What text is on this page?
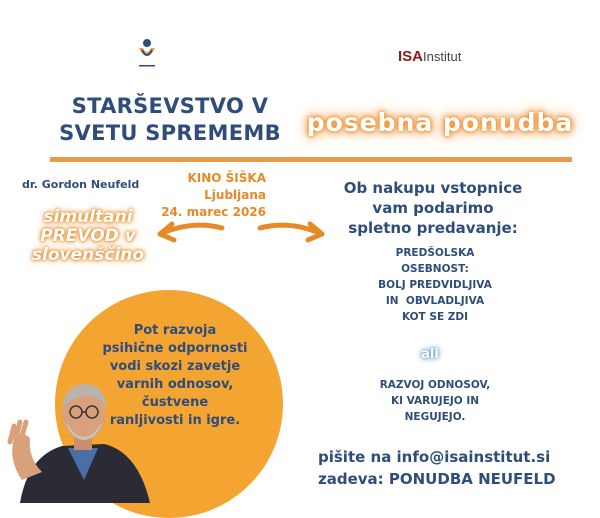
ISAInstitut
STARŠEVSTVO V
SVETU SPREMEMB	posebna ponudba
dr. Gordon Neufeld	KINO ŠIŠKA
Ljubljana
24. marec 2026
simultani
PREVOD v
slovenščino
Ob nakupu vstopnice
vam podarimo
spletno predavanje:
PREDŠOLSKA
OSEBNOST:
BOLJ PREDVIDLJIVA
IN  OBVLADLJIVA
KOT SE ZDI
ali
RAZVOJ ODNOSOV,
KI VARUJEJO IN
NEGUJEJO.
pišite na info@isainstitut.si
zadeva: PONUDBA NEUFELD
Pot razvoja
psihične odpornosti
vodi skozi zavetje
varnih odnosov,
čustvene
ranljivosti in igre.
